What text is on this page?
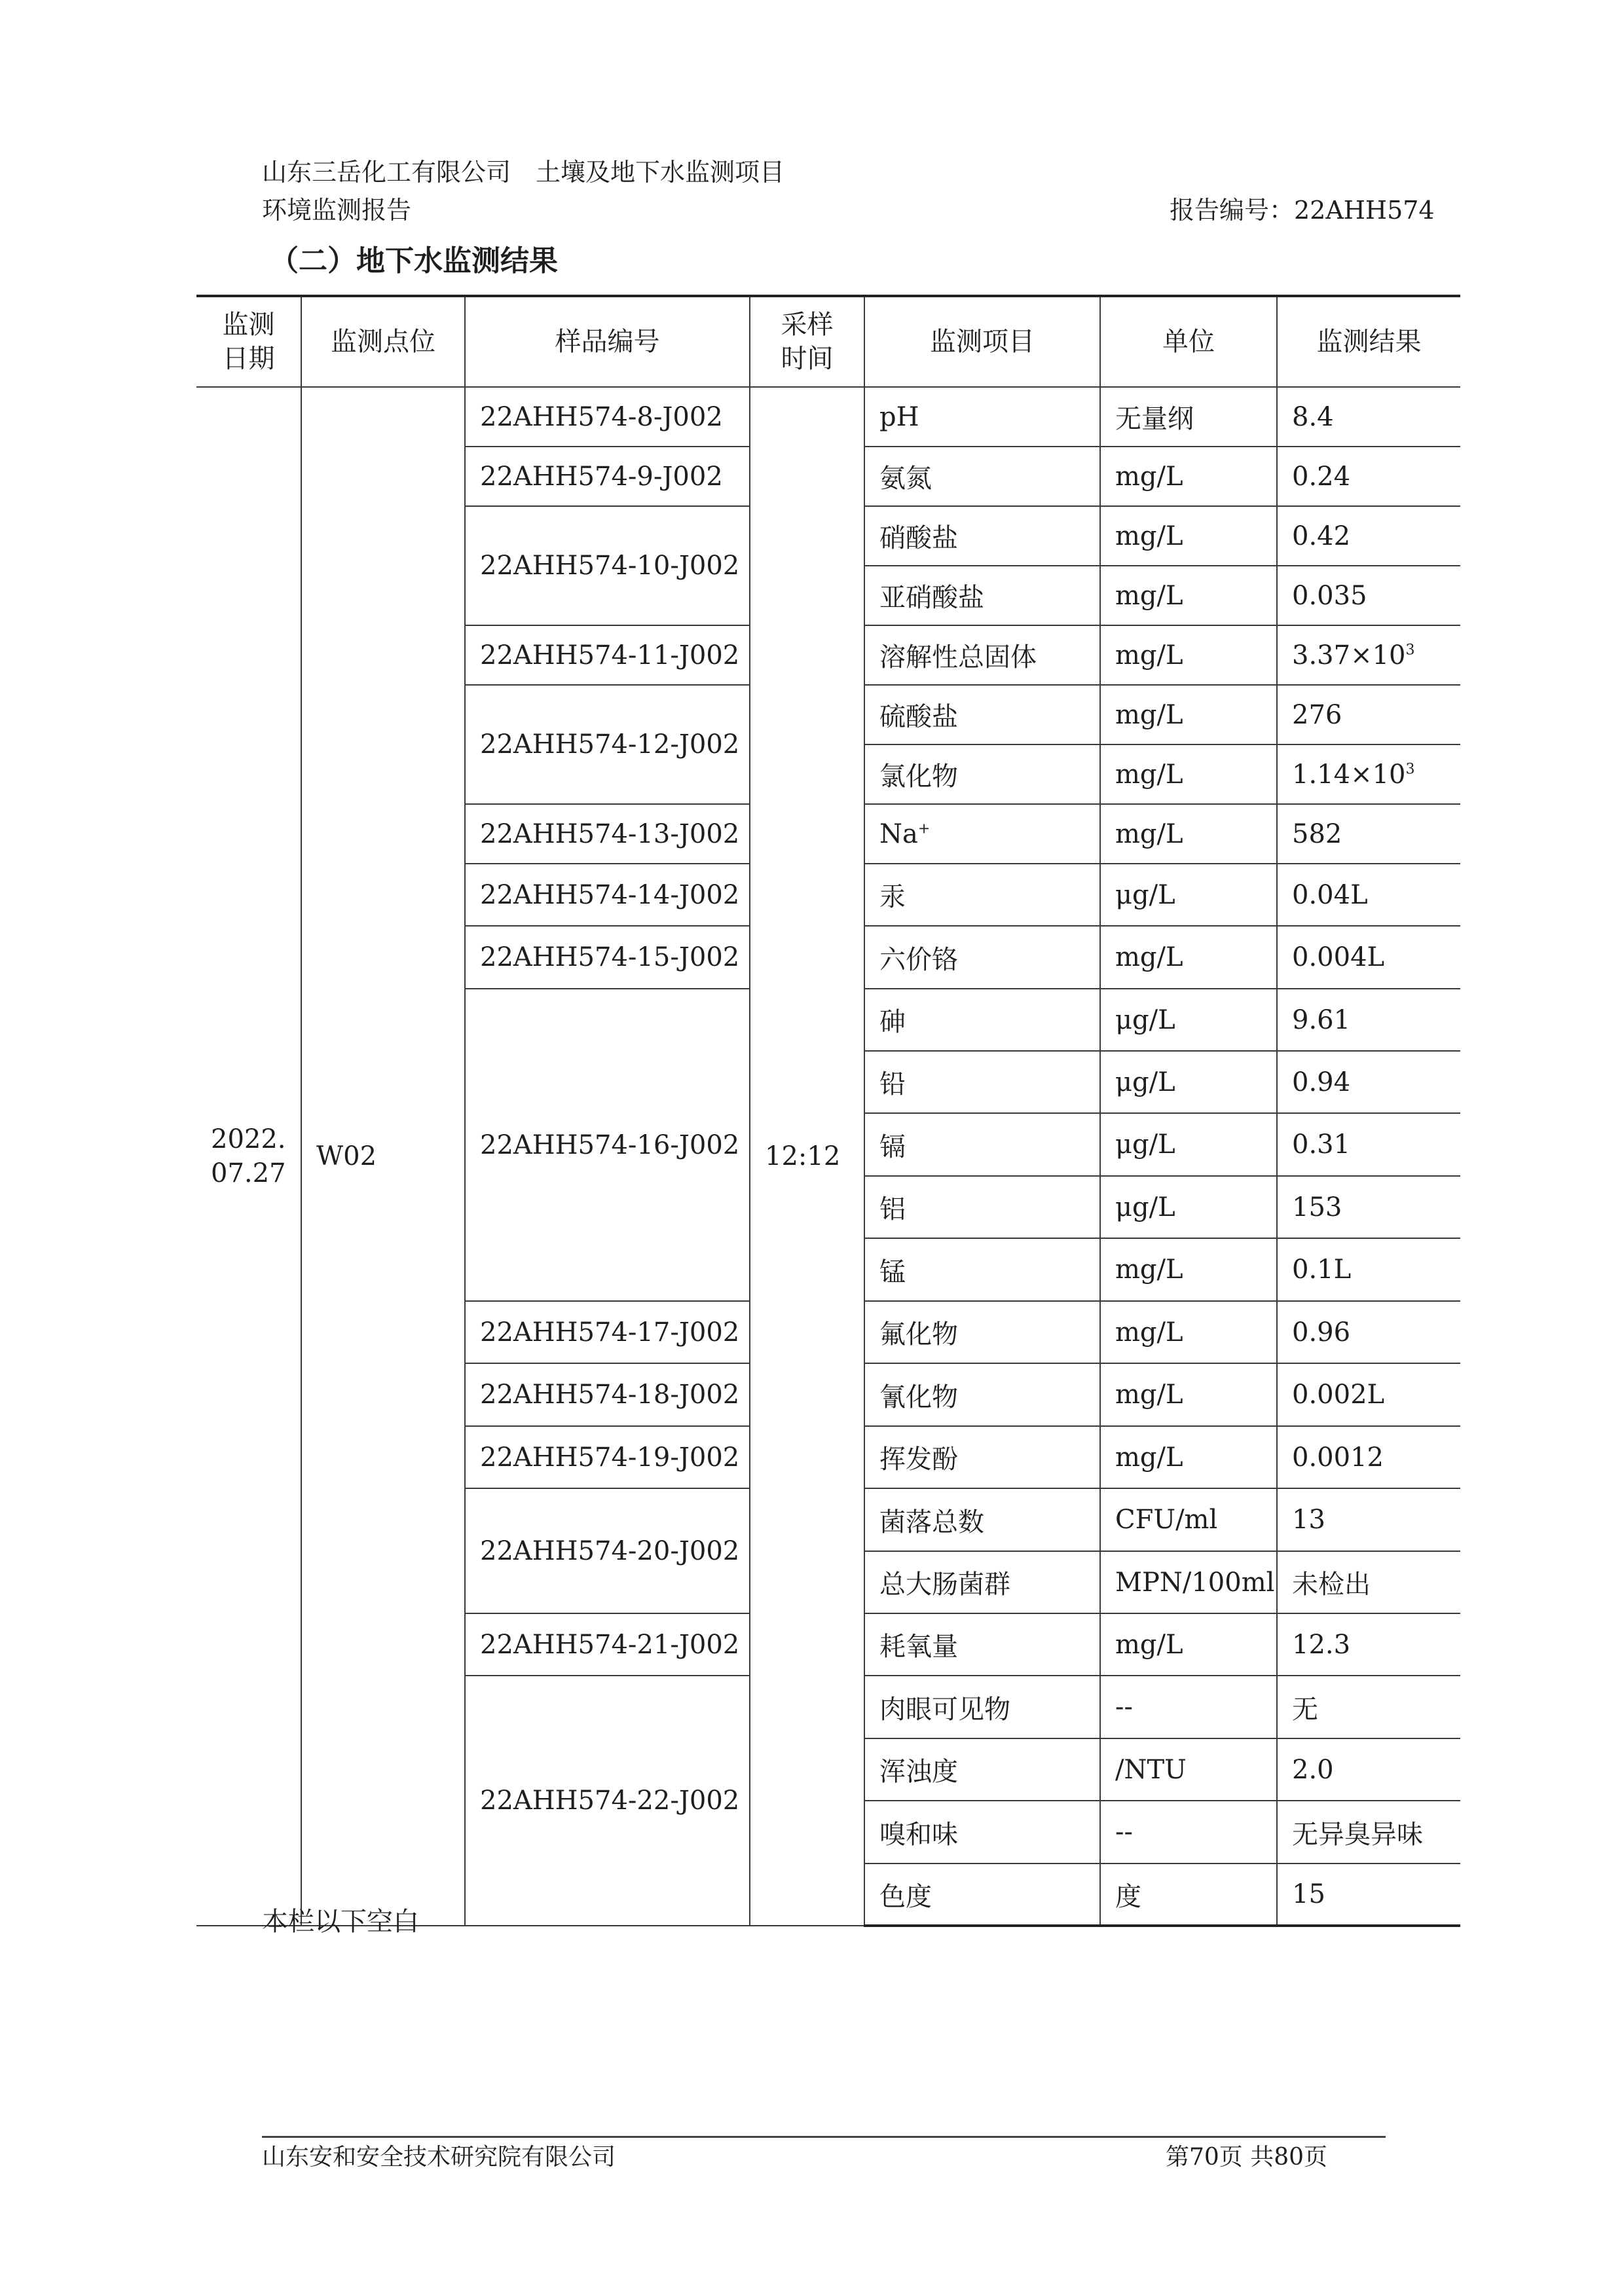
山东三岳化工有限公司　土壤及地下水监测项目
环境监测报告	报告编号：22AHH574
（二）地下水监测结果
监测
日期	监测点位	样品编号	采样
时间	监测项目	单位	监测结果
2022.
07.27	W02	22AHH574-8-J002	12:12	pH	无量纲	8.4
		22AHH574-9-J002		氨氮	mg/L	0.24
		22AHH574-10-J002		硝酸盐	mg/L	0.42
				亚硝酸盐	mg/L	0.035
		22AHH574-11-J002		溶解性总固体	mg/L	$3.37\times 10^3$
		22AHH574-12-J002		硫酸盐	mg/L	276
				氯化物	mg/L	$1.14\times 10^3$
		22AHH574-13-J002		Na+	mg/L	582
		22AHH574-14-J002		汞	μg/L	0.04L
		22AHH574-15-J002		六价铬	mg/L	0.004L
		22AHH574-16-J002		砷	μg/L	9.61
				铅	μg/L	0.94
				镉	μg/L	0.31
				铝	μg/L	153
				锰	mg/L	0.1L
		22AHH574-17-J002		氟化物	mg/L	0.96
		22AHH574-18-J002		氰化物	mg/L	0.002L
		22AHH574-19-J002		挥发酚	mg/L	0.0012
		22AHH574-20-J002		菌落总数	CFU/ml	13
				总大肠菌群	MPN/100ml	未检出
		22AHH574-21-J002		耗氧量	mg/L	12.3
		22AHH574-22-J002		肉眼可见物	--	无
				浑浊度	/NTU	2.0
				嗅和味	--	无异臭异味
				色度	度	15
本栏以下空白
山东安和安全技术研究院有限公司	第70页 共80页
